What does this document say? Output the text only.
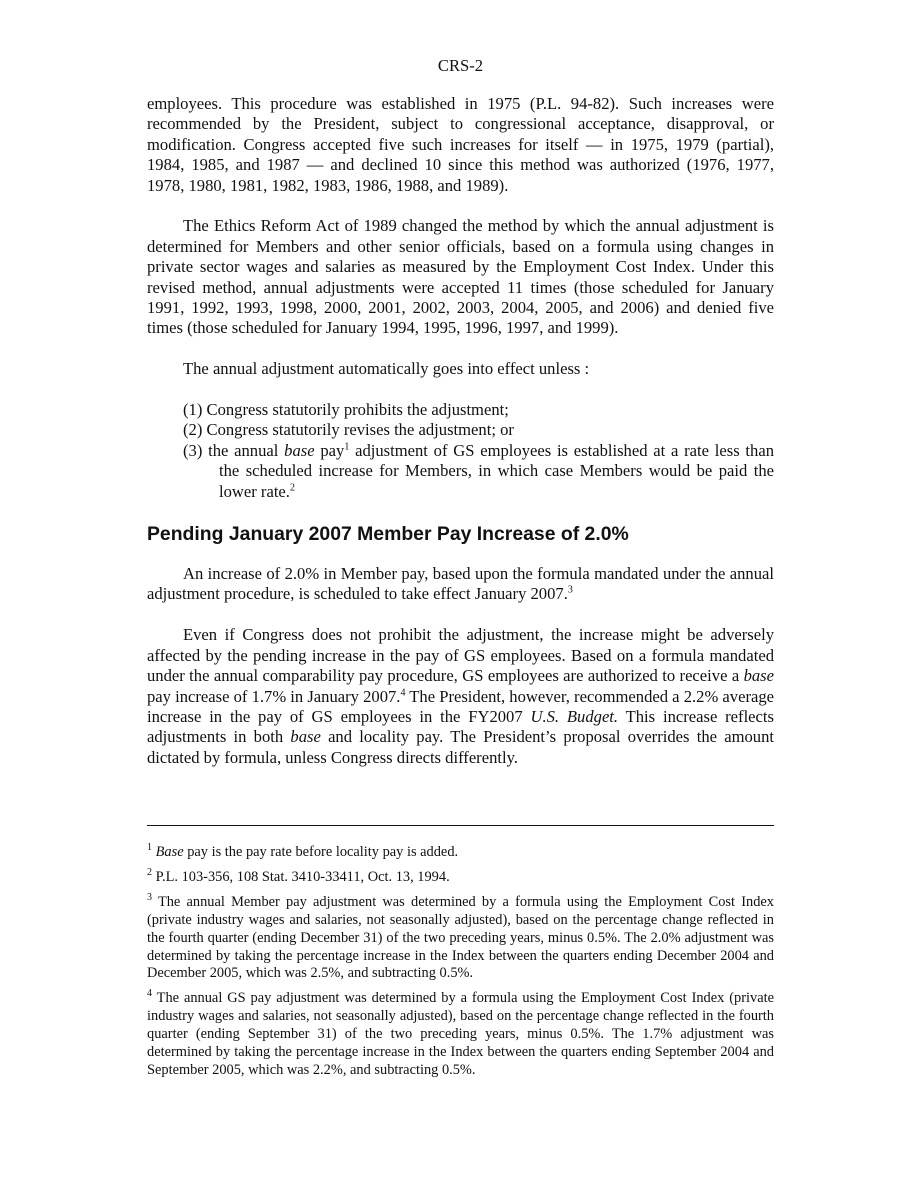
CRS-2

employees. This procedure was established in 1975 (P.L. 94-82). Such increases were recommended by the President, subject to congressional acceptance, disapproval, or modification. Congress accepted five such increases for itself — in 1975, 1979 (partial), 1984, 1985, and 1987 — and declined 10 since this method was authorized (1976, 1977, 1978, 1980, 1981, 1982, 1983, 1986, 1988, and 1989).

The Ethics Reform Act of 1989 changed the method by which the annual adjustment is determined for Members and other senior officials, based on a formula using changes in private sector wages and salaries as measured by the Employment Cost Index. Under this revised method, annual adjustments were accepted 11 times (those scheduled for January 1991, 1992, 1993, 1998, 2000, 2001, 2002, 2003, 2004, 2005, and 2006) and denied five times (those scheduled for January 1994, 1995, 1996, 1997, and 1999).

The annual adjustment automatically goes into effect unless :

(1) Congress statutorily prohibits the adjustment;

(2) Congress statutorily revises the adjustment; or

(3) the annual base pay$^1$ adjustment of GS employees is established at a rate less than the scheduled increase for Members, in which case Members would be paid the lower rate.$^2$

Pending January 2007 Member Pay Increase of 2.0%

An increase of 2.0% in Member pay, based upon the formula mandated under the annual adjustment procedure, is scheduled to take effect January 2007.$^3$

Even if Congress does not prohibit the adjustment, the increase might be adversely affected by the pending increase in the pay of GS employees. Based on a formula mandated under the annual comparability pay procedure, GS employees are authorized to receive a base pay increase of 1.7% in January 2007.$^4$ The President, however, recommended a 2.2% average increase in the pay of GS employees in the FY2007 U.S. Budget. This increase reflects adjustments in both base and locality pay. The President’s proposal overrides the amount dictated by formula, unless Congress directs differently.

$^1$ Base pay is the pay rate before locality pay is added.

$^2$ P.L. 103-356, 108 Stat. 3410-33411, Oct. 13, 1994.

$^3$ The annual Member pay adjustment was determined by a formula using the Employment Cost Index (private industry wages and salaries, not seasonally adjusted), based on the percentage change reflected in the fourth quarter (ending December 31) of the two preceding years, minus 0.5%. The 2.0% adjustment was determined by taking the percentage increase in the Index between the quarters ending December 2004 and December 2005, which was 2.5%, and subtracting 0.5%.

$^4$ The annual GS pay adjustment was determined by a formula using the Employment Cost Index (private industry wages and salaries, not seasonally adjusted), based on the percentage change reflected in the fourth quarter (ending September 31) of the two preceding years, minus 0.5%. The 1.7% adjustment was determined by taking the percentage increase in the Index between the quarters ending September 2004 and September 2005, which was 2.2%, and subtracting 0.5%.
